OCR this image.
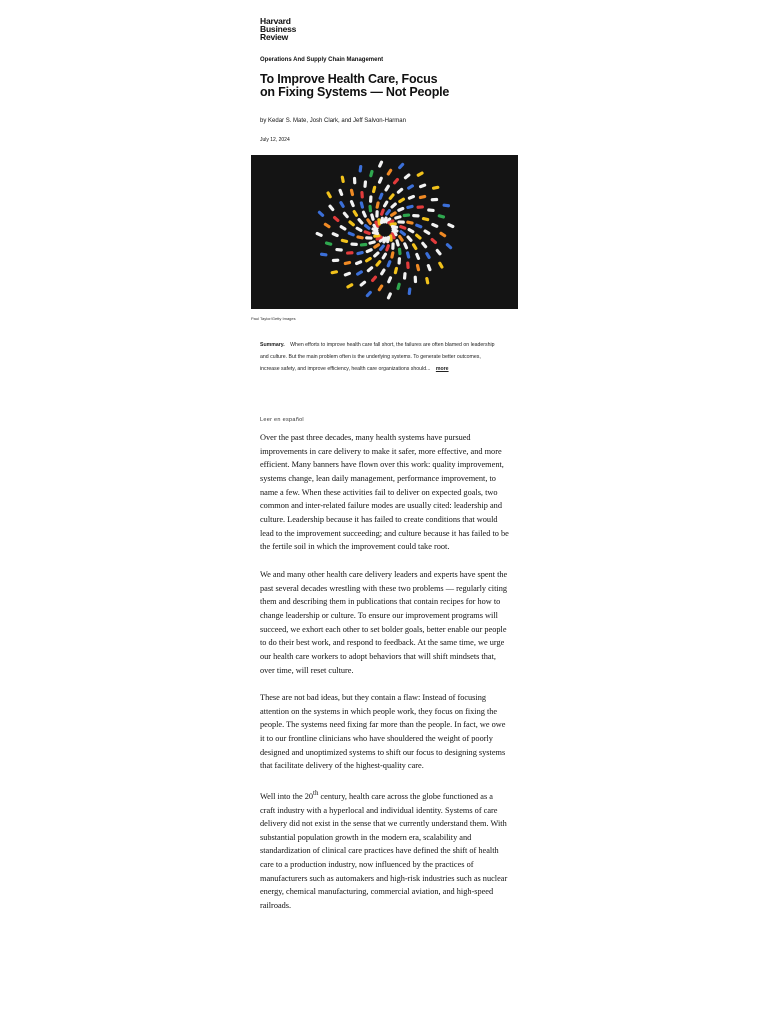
Harvard
Business
Review
Operations And Supply Chain Management
To Improve Health Care, Focus on Fixing Systems — Not People
by Kedar S. Mate, Josh Clark, and Jeff Salvon-Harman
July 12, 2024
Paul Taylor/Getty Images
Summary. When efforts to improve health care fall short, the failures are often blamed on leadership and culture. But the main problem often is the underlying systems. To generate better outcomes, increase safety, and improve efficiency, health care organizations should... more
Leer en español

Over the past three decades, many health systems have pursued improvements in care delivery to make it safer, more effective, and more efficient. Many banners have flown over this work: quality improvement, systems change, lean daily management, performance improvement, to name a few. When these activities fail to deliver on expected goals, two common and inter-related failure modes are usually cited: leadership and culture. Leadership because it has failed to create conditions that would lead to the improvement succeeding; and culture because it has failed to be the fertile soil in which the improvement could take root.

We and many other health care delivery leaders and experts have spent the past several decades wrestling with these two problems — regularly citing them and describing them in publications that contain recipes for how to change leadership or culture. To ensure our improvement programs will succeed, we exhort each other to set bolder goals, better enable our people to do their best work, and respond to feedback. At the same time, we urge our health care workers to adopt behaviors that will shift mindsets that, over time, will reset culture.

These are not bad ideas, but they contain a flaw: Instead of focusing attention on the systems in which people work, they focus on fixing the people. The systems need fixing far more than the people. In fact, we owe it to our frontline clinicians who have shouldered the weight of poorly designed and unoptimized systems to shift our focus to designing systems that facilitate delivery of the highest-quality care.

Well into the 20th century, health care across the globe functioned as a craft industry with a hyperlocal and individual identity. Systems of care delivery did not exist in the sense that we currently understand them. With substantial population growth in the modern era, scalability and standardization of clinical care practices have defined the shift of health care to a production industry, now influenced by the practices of manufacturers such as automakers and high-risk industries such as nuclear energy, chemical manufacturing, commercial aviation, and high-speed railroads.
